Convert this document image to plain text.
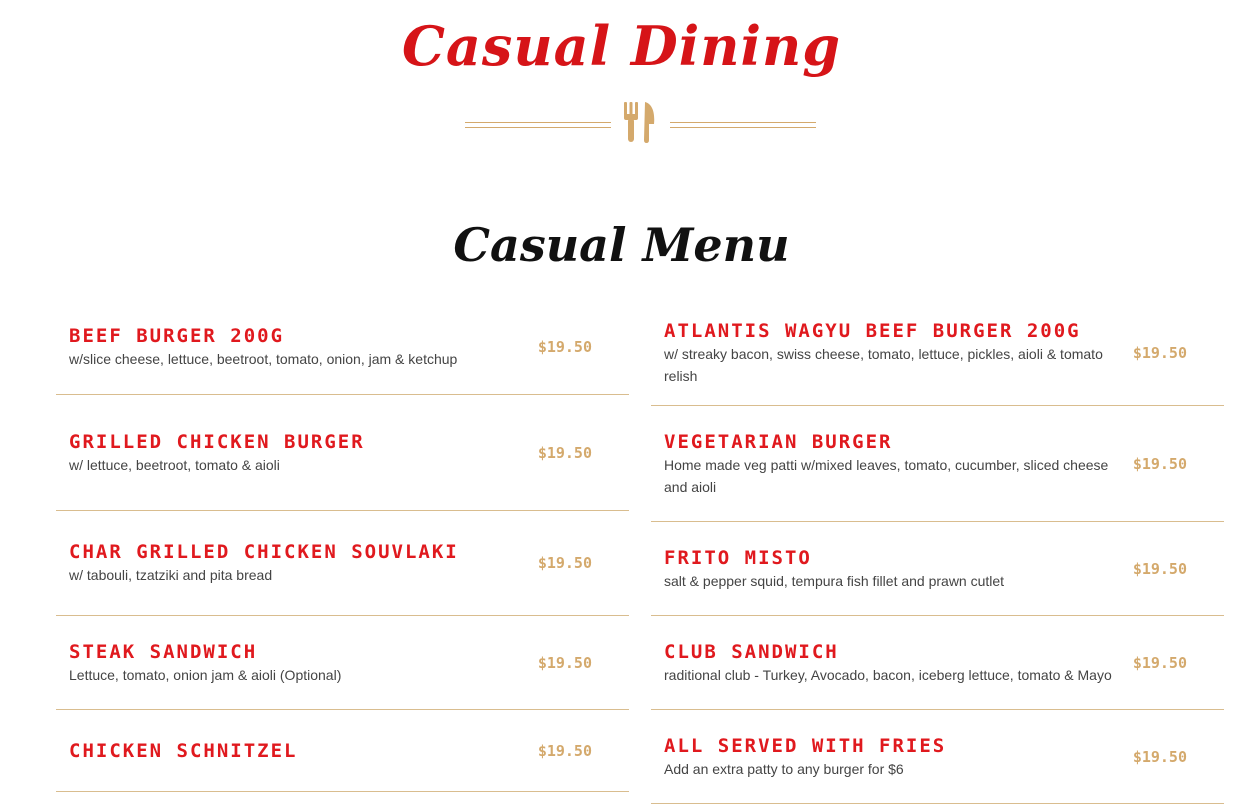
Casual Dining
Casual Menu
BEEF BURGER 200G
w/slice cheese, lettuce, beetroot, tomato, onion, jam & ketchup
$19.50
GRILLED CHICKEN BURGER
w/ lettuce, beetroot, tomato & aioli
$19.50
CHAR GRILLED CHICKEN SOUVLAKI
w/ tabouli, tzatziki and pita bread
$19.50
STEAK SANDWICH
Lettuce, tomato, onion jam & aioli (Optional)
$19.50
CHICKEN SCHNITZEL	$19.50
ATLANTIS WAGYU BEEF BURGER 200G
w/ streaky bacon, swiss cheese, tomato, lettuce, pickles, aioli & tomato relish
$19.50
VEGETARIAN BURGER
Home made veg patti w/mixed leaves, tomato, cucumber, sliced cheese and aioli
$19.50
FRITO MISTO
salt & pepper squid, tempura fish fillet and prawn cutlet
$19.50
CLUB SANDWICH
raditional club - Turkey, Avocado, bacon, iceberg lettuce, tomato & Mayo
$19.50
ALL SERVED WITH FRIES
Add an extra patty to any burger for $6
$19.50
